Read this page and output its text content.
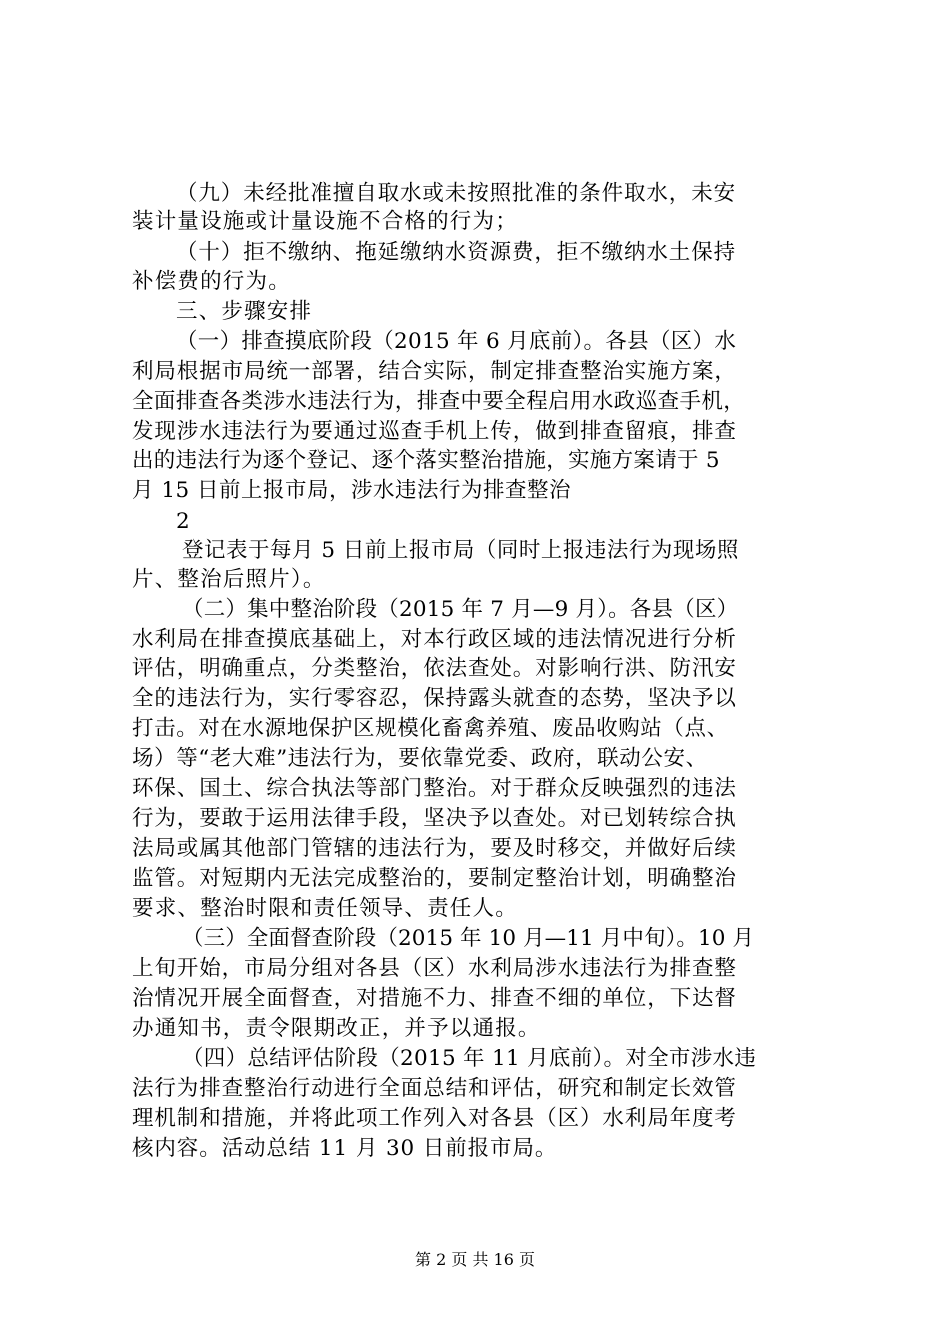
（九）未经批准擅自取水或未按照批准的条件取水，未安
装计量设施或计量设施不合格的行为；
（十）拒不缴纳、拖延缴纳水资源费，拒不缴纳水土保持
补偿费的行为。
三、步骤安排
（一）排查摸底阶段（2015 年 6 月底前）。各县（区）水
利局根据市局统一部署，结合实际，制定排查整治实施方案，
全面排查各类涉水违法行为，排查中要全程启用水政巡查手机，
发现涉水违法行为要通过巡查手机上传，做到排查留痕，排查
出的违法行为逐个登记、逐个落实整治措施，实施方案请于 5
月 15 日前上报市局，涉水违法行为排查整治
2
登记表于每月 5 日前上报市局（同时上报违法行为现场照
片、整治后照片）。
（二）集中整治阶段（2015 年 7 月—9 月）。各县（区）
水利局在排查摸底基础上，对本行政区域的违法情况进行分析
评估，明确重点，分类整治，依法查处。对影响行洪、防汛安
全的违法行为，实行零容忍，保持露头就查的态势，坚决予以
打击。对在水源地保护区规模化畜禽养殖、废品收购站（点、
场）等“老大难”违法行为，要依靠党委、政府，联动公安、
环保、国土、综合执法等部门整治。对于群众反映强烈的违法
行为，要敢于运用法律手段，坚决予以查处。对已划转综合执
法局或属其他部门管辖的违法行为，要及时移交，并做好后续
监管。对短期内无法完成整治的，要制定整治计划，明确整治
要求、整治时限和责任领导、责任人。
（三）全面督查阶段（2015 年 10 月—11 月中旬）。10 月
上旬开始，市局分组对各县（区）水利局涉水违法行为排查整
治情况开展全面督查，对措施不力、排查不细的单位，下达督
办通知书，责令限期改正，并予以通报。
（四）总结评估阶段（2015 年 11 月底前）。对全市涉水违
法行为排查整治行动进行全面总结和评估，研究和制定长效管
理机制和措施，并将此项工作列入对各县（区）水利局年度考
核内容。活动总结 11 月 30 日前报市局。
第 2 页 共 16 页
